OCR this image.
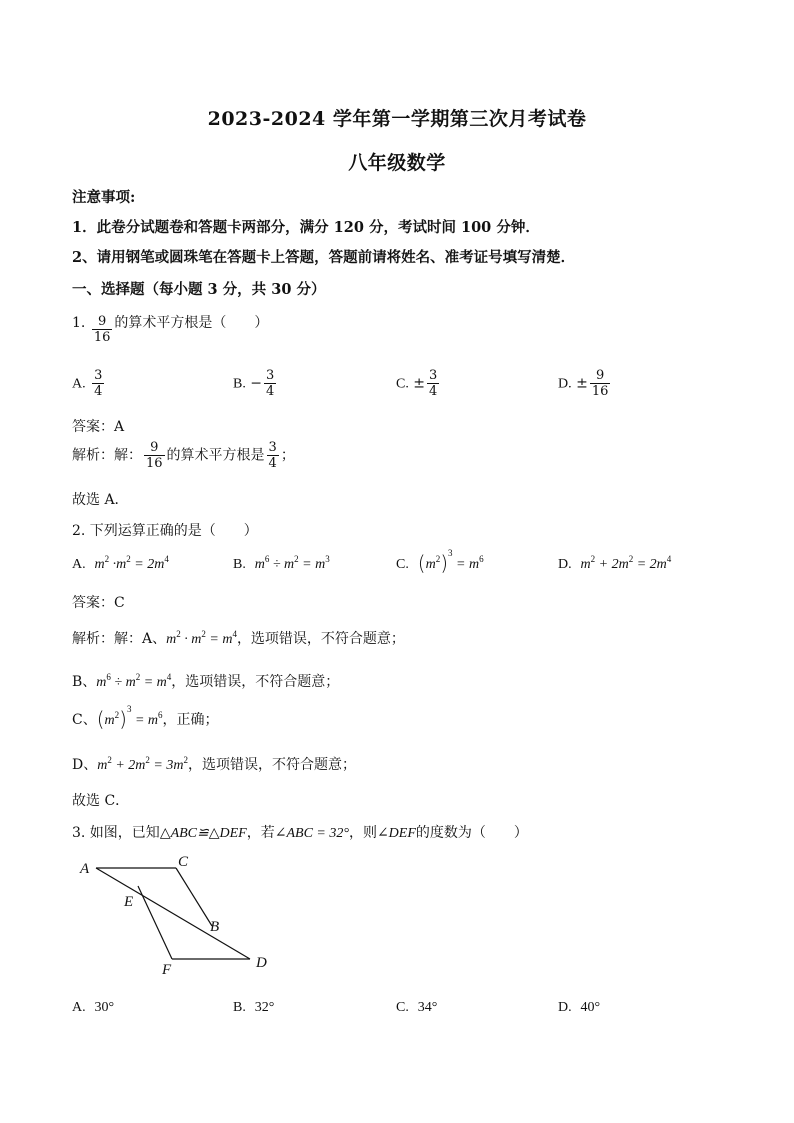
2023-2024 学年第一学期第三次月考试卷
八年级数学
注意事项:
1．此卷分试题卷和答题卡两部分，满分 120 分，考试时间 100 分钟．
2、请用钢笔或圆珠笔在答题卡上答题，答题前请将姓名、准考证号填写清楚．
一、选择题（每小题 3 分，共 30 分）
1. $\frac{9}{16}$ 的算术平方根是（　　）
A. $\frac{3}{4}$	B. − $\frac{3}{4}$	C. ± $\frac{3}{4}$	D. ± $\frac{9}{16}$
答案：A
解析：解： $\frac{9}{16}$ 的算术平方根是 $\frac{3}{4}$ ；
故选 A．
2. 下列运算正确的是（　　）
A. $m^2 \cdot m^2 = 2m^4$	B. $m^6 \div m^2 = m^3$	C. $(m^2)^3 = m^6$	D. $m^2 + 2m^2 = 2m^4$
答案：C
解析：解：A、$m^2 \cdot m^2 = m^4$，选项错误，不符合题意；
B、$m^6 \div m^2 = m^4$，选项错误，不符合题意；
C、$(m^2)^3 = m^6$，正确；
D、$m^2 + 2m^2 = 3m^2$，选项错误，不符合题意；
故选 C．
3. 如图，已知△ABC≌△DEF，若∠ABC = 32°，则∠DEF的度数为（　　）
A	C
E
B
F	D
A. 30°	B. 32°	C. 34°	D. 40°
